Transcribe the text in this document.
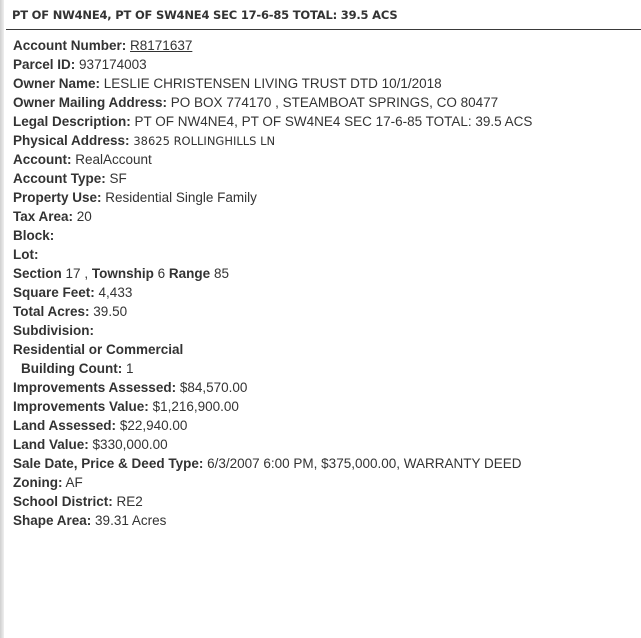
PT OF NW4NE4, PT OF SW4NE4 SEC 17-6-85 TOTAL: 39.5 ACS
Account Number: R8171637
Parcel ID: 937174003
Owner Name: LESLIE CHRISTENSEN LIVING TRUST DTD 10/1/2018
Owner Mailing Address: PO BOX 774170 , STEAMBOAT SPRINGS, CO 80477
Legal Description: PT OF NW4NE4, PT OF SW4NE4 SEC 17-6-85 TOTAL: 39.5 ACS
Physical Address: 38625 ROLLINGHILLS LN
Account: RealAccount
Account Type: SF
Property Use: Residential Single Family
Tax Area: 20
Block:
Lot:
Section 17 , Township 6 Range 85
Square Feet: 4,433
Total Acres: 39.50
Subdivision:
Residential or Commercial
Building Count: 1
Improvements Assessed: $84,570.00
Improvements Value: $1,216,900.00
Land Assessed: $22,940.00
Land Value: $330,000.00
Sale Date, Price & Deed Type: 6/3/2007 6:00 PM, $375,000.00, WARRANTY DEED
Zoning: AF
School District: RE2
Shape Area: 39.31 Acres
